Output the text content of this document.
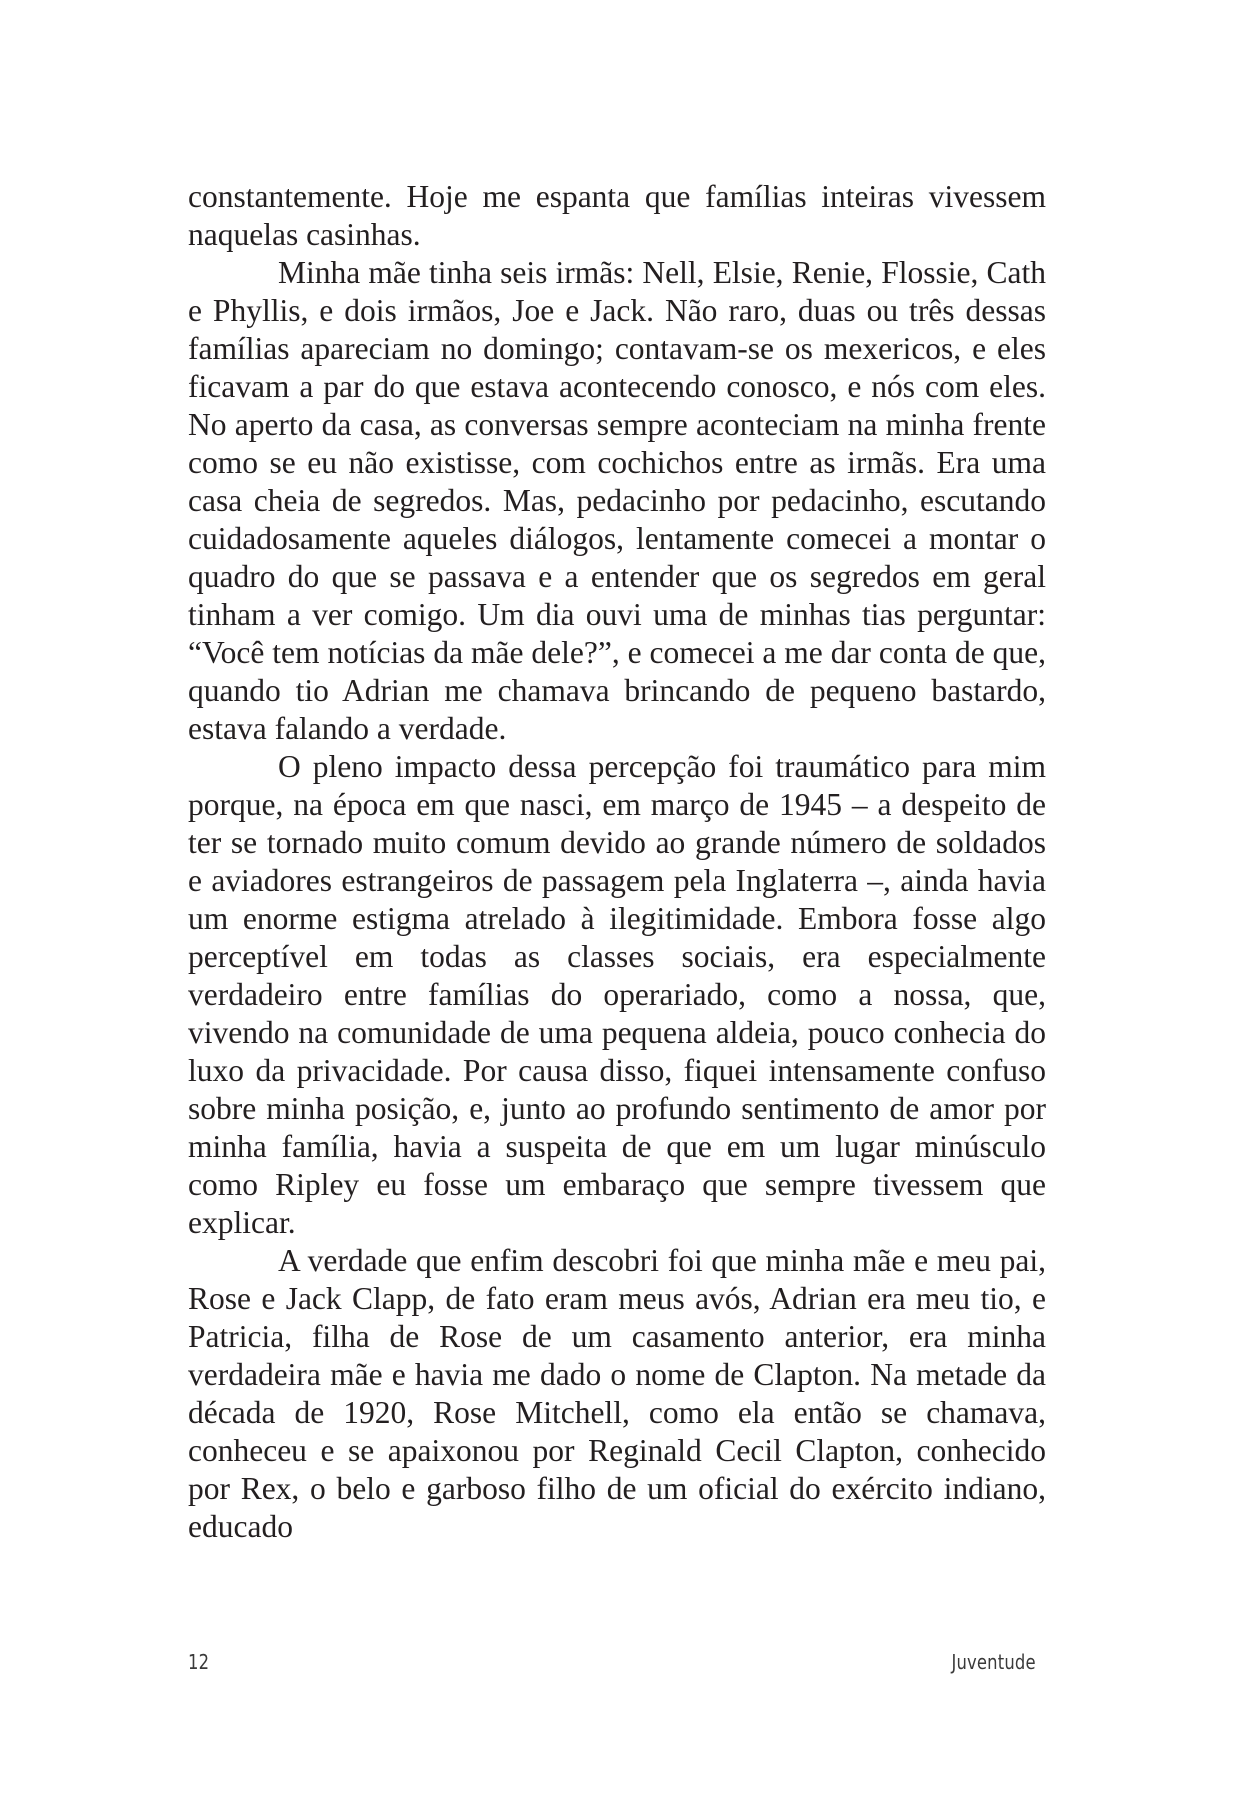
constantemente. Hoje me espanta que famílias inteiras vivessem naquelas casinhas.

Minha mãe tinha seis irmãs: Nell, Elsie, Renie, Flossie, Cath e Phyllis, e dois irmãos, Joe e Jack. Não raro, duas ou três dessas famílias apareciam no domingo; contavam-se os mexericos, e eles ficavam a par do que estava acontecendo conosco, e nós com eles. No aperto da casa, as conversas sempre aconteciam na minha frente como se eu não existisse, com cochichos entre as irmãs. Era uma casa cheia de segredos. Mas, pedacinho por pedacinho, escutando cuidadosamente aqueles diálogos, lentamente comecei a montar o quadro do que se passava e a entender que os segredos em geral tinham a ver comigo. Um dia ouvi uma de minhas tias perguntar: “Você tem notícias da mãe dele?”, e comecei a me dar conta de que, quando tio Adrian me chamava brincando de pequeno bastardo, estava falando a verdade.

O pleno impacto dessa percepção foi traumático para mim porque, na época em que nasci, em março de 1945 – a despeito de ter se tornado muito comum devido ao grande número de soldados e aviadores estrangeiros de passagem pela Inglaterra –, ainda havia um enorme estigma atrelado à ilegitimidade. Embora fosse algo perceptível em todas as classes sociais, era especialmente verdadeiro entre famílias do operariado, como a nossa, que, vivendo na comunidade de uma pequena aldeia, pouco conhecia do luxo da privacidade. Por causa disso, fiquei intensamente confuso sobre minha posição, e, junto ao profundo sentimento de amor por minha família, havia a suspeita de que em um lugar minúsculo como Ripley eu fosse um embaraço que sempre tivessem que explicar.

A verdade que enfim descobri foi que minha mãe e meu pai, Rose e Jack Clapp, de fato eram meus avós, Adrian era meu tio, e Patricia, filha de Rose de um casamento anterior, era minha verdadeira mãe e havia me dado o nome de Clapton. Na metade da década de 1920, Rose Mitchell, como ela então se chamava, conheceu e se apaixonou por Reginald Cecil Clapton, conhecido por Rex, o belo e garboso filho de um oficial do exército indiano, educado

12	Juventude
